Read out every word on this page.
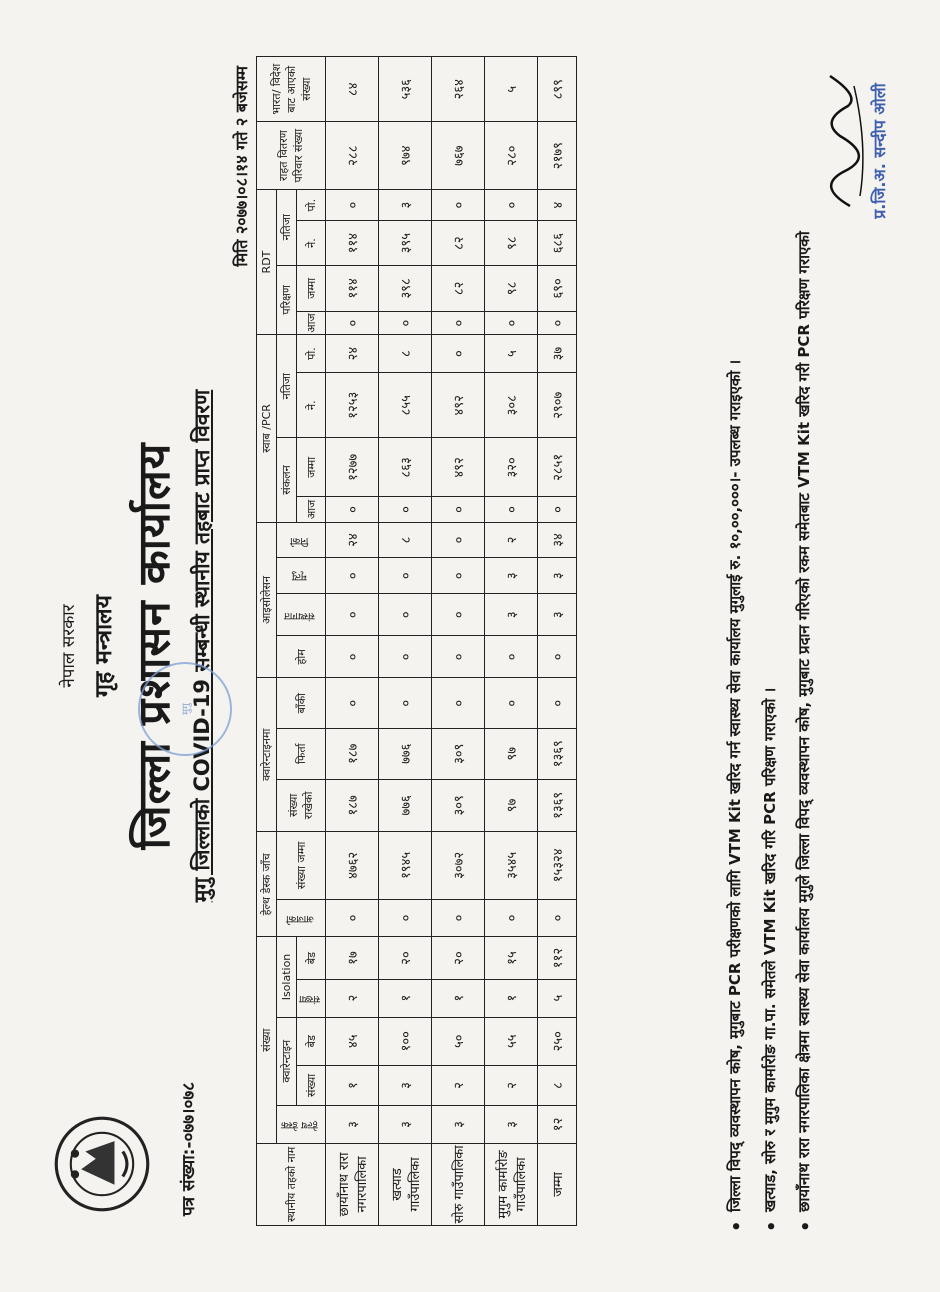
नेपाल सरकार गृह मन्त्रालय जिल्ला प्रशासन कार्यालय
पत्र संख्या:-०७७।०७८
मुगु जिल्लाको COVID-19 सम्बन्धी स्थानीय तहबाट प्राप्त विवरण
मिति २०७७।०८।१४ गते २ बजेसम्म
मुगु
स्थानीय तहको नाम	संख्या					हेल्थ डेस्क जाँच		क्वारेन्टाइनमा			आइसोलेसन				स्वाब /PCR				RDT				राहत वितरण परिवार संख्या	भारत/ विदेश बाट आएको संख्या
	हेल्थ डेस्क	क्वारेन्टाइन		Isolation		आजको	संख्या जम्मा	संख्या राखेको	फिर्ता	बाँकी	होम	संस्थागत	मृत्यु	निको	संकलन		नतिजा		परिक्षण		नतिजा			
		संख्या	बेड	संख्या	बेड										आज	जम्मा	ने.	पो.	आज	जम्मा	ने.	पो.		
छायाँनाथ रारा नगरपालिका	३	१	४५	२	१७	०	४७६२	१८७	१८७	०	०	०	०	२४	०	१२७७	१२५३	२४	०	११४	११४	०	२८८	८४
खत्याड गाउँपालिका	३	३	१००	१	२०	०	१९४५	७७६	७७६	०	०	०	०	८	०	८६३	८५५	८	०	३९८	३९५	३	९७४	५३६
सोरु गाउँपालिका	३	२	५०	१	२०	०	३०७२	३०९	३०९	०	०	०	०	०	०	४९२	४९२	०	०	८२	८२	०	७६७	२६४
मुगुम कार्मारोङ गाउँपालिका	३	२	५५	१	१५	०	३५४५	९७	९७	०	०	३	३	२	०	३२०	३०८	५	०	९८	९८	०	२८०	५
जम्मा	१२	८	२५०	५	११२	०	१५३२४	१३६९	१३६९	०	०	३	३	३४	०	२८५१	२९०७	३७	०	६९०	६८६	४	२१७९	८९९
• जिल्ला विपद् व्यवस्थापन कोष, मुगुबाट PCR परीक्षणको लागि VTM Kit खरिद गर्न स्वास्थ्य सेवा कार्यालय मुगुलाई रु. १०,००,०००।- उपलब्ध गराइएको । • खत्याड, सोरु र मुगुम कार्मारोङ गा.पा. समेतले VTM Kit खरिद गरि PCR परिक्षण गराएको । • छायाँनाथ रारा नगरपालिका क्षेत्रमा स्वास्थ्य सेवा कार्यालय मुगुले जिल्ला विपद् व्यवस्थापन कोष, मुगुबाट प्रदान गरिएको रकम समेतबाट VTM Kit खरिद गरी PCR परिक्षण गराएको
प्र.जि.अ. सन्दीप ओली
